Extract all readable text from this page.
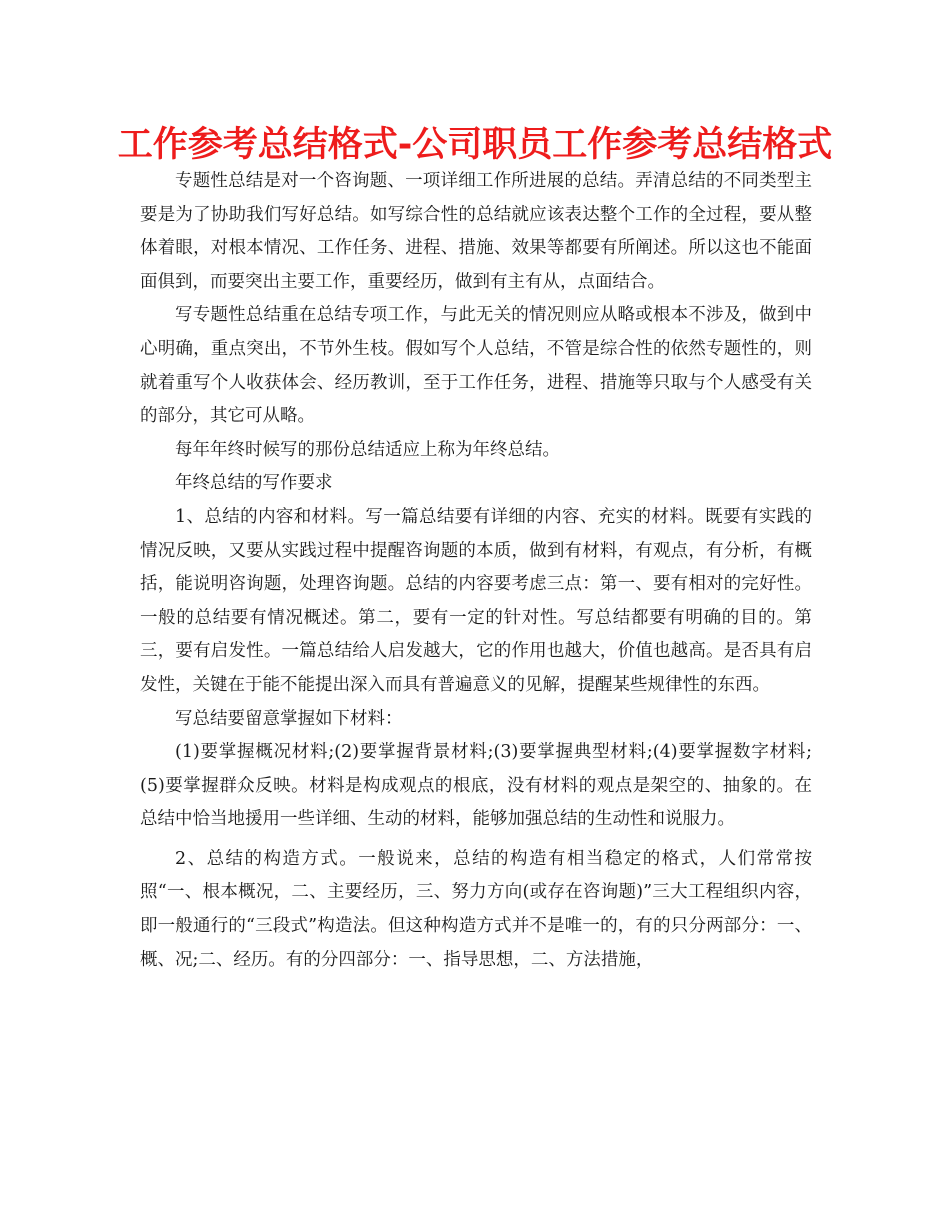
工作参考总结格式-公司职员工作参考总结格式

专题性总结是对一个咨询题、一项详细工作所进展的总结。弄清总结的不同类型主要是为了协助我们写好总结。如写综合性的总结就应该表达整个工作的全过程，要从整体着眼，对根本情况、工作任务、进程、措施、效果等都要有所阐述。所以这也不能面面俱到，而要突出主要工作，重要经历，做到有主有从，点面结合。

写专题性总结重在总结专项工作，与此无关的情况则应从略或根本不涉及，做到中心明确，重点突出，不节外生枝。假如写个人总结，不管是综合性的依然专题性的，则就着重写个人收获体会、经历教训，至于工作任务，进程、措施等只取与个人感受有关的部分，其它可从略。

每年年终时候写的那份总结适应上称为年终总结。

年终总结的写作要求

1、总结的内容和材料。写一篇总结要有详细的内容、充实的材料。既要有实践的情况反映，又要从实践过程中提醒咨询题的本质，做到有材料，有观点，有分析，有概括，能说明咨询题，处理咨询题。总结的内容要考虑三点：第一、要有相对的完好性。一般的总结要有情况概述。第二，要有一定的针对性。写总结都要有明确的目的。第三，要有启发性。一篇总结给人启发越大，它的作用也越大，价值也越高。是否具有启发性，关键在于能不能提出深入而具有普遍意义的见解，提醒某些规律性的东西。

写总结要留意掌握如下材料：

(1)要掌握概况材料;(2)要掌握背景材料;(3)要掌握典型材料;(4)要掌握数字材料;(5)要掌握群众反映。材料是构成观点的根底，没有材料的观点是架空的、抽象的。在总结中恰当地援用一些详细、生动的材料，能够加强总结的生动性和说服力。

2、总结的构造方式。一般说来，总结的构造有相当稳定的格式，人们常常按照“一、根本概况，二、主要经历，三、努力方向(或存在咨询题)”三大工程组织内容，即一般通行的“三段式”构造法。但这种构造方式并不是唯一的，有的只分两部分：一、概、况;二、经历。有的分四部分：一、指导思想，二、方法措施，
